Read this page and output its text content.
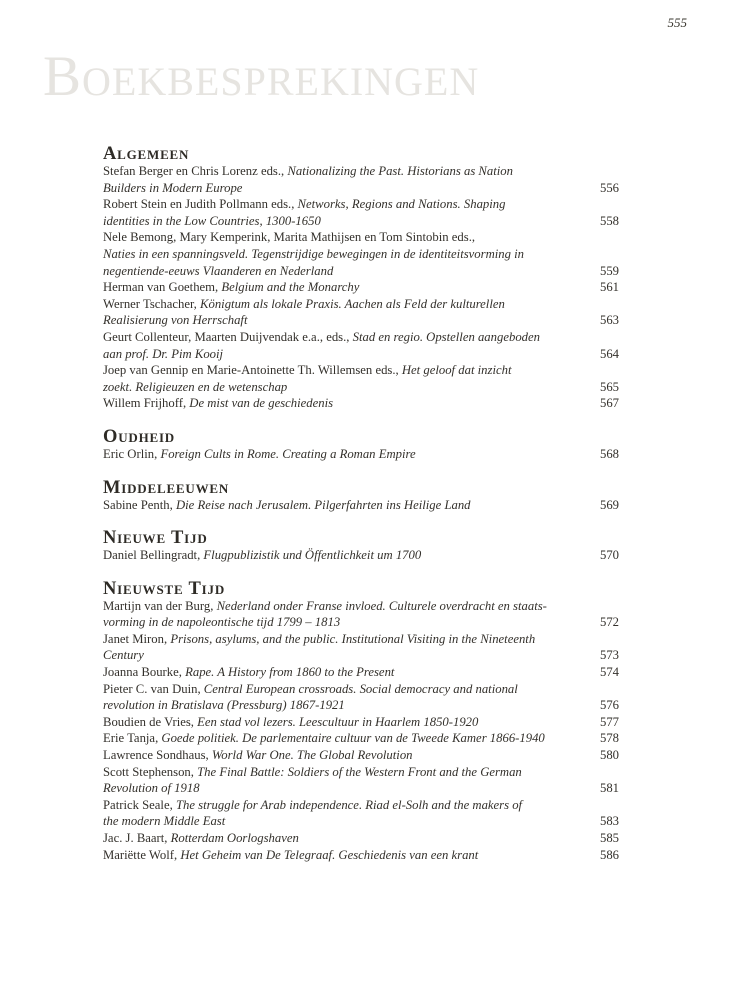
555
Boekbesprekingen
Algemeen
Stefan Berger en Chris Lorenz eds., Nationalizing the Past. Historians as Nation
Builders in Modern Europe	556
Robert Stein en Judith Pollmann eds., Networks, Regions and Nations. Shaping
identities in the Low Countries, 1300-1650	558
Nele Bemong, Mary Kemperink, Marita Mathijsen en Tom Sintobin eds.,
Naties in een spanningsveld. Tegenstrijdige bewegingen in de identiteitsvorming in
negentiende-eeuws Vlaanderen en Nederland	559
Herman van Goethem, Belgium and the Monarchy	561
Werner Tschacher, Königtum als lokale Praxis. Aachen als Feld der kulturellen
Realisierung von Herrschaft	563
Geurt Collenteur, Maarten Duijvendak e.a., eds., Stad en regio. Opstellen aangeboden
aan prof. Dr. Pim Kooij	564
Joep van Gennip en Marie-Antoinette Th. Willemsen eds., Het geloof dat inzicht
zoekt. Religieuzen en de wetenschap	565
Willem Frijhoff, De mist van de geschiedenis	567
Oudheid
Eric Orlin, Foreign Cults in Rome. Creating a Roman Empire	568
Middeleeuwen
Sabine Penth, Die Reise nach Jerusalem. Pilgerfahrten ins Heilige Land	569
Nieuwe Tijd
Daniel Bellingradt, Flugpublizistik und Öffentlichkeit um 1700	570
Nieuwste Tijd
Martijn van der Burg, Nederland onder Franse invloed. Culturele overdracht en staats-
vorming in de napoleontische tijd 1799 – 1813	572
Janet Miron, Prisons, asylums, and the public. Institutional Visiting in the Nineteenth
Century	573
Joanna Bourke, Rape. A History from 1860 to the Present	574
Pieter C. van Duin, Central European crossroads. Social democracy and national
revolution in Bratislava (Pressburg) 1867-1921	576
Boudien de Vries, Een stad vol lezers. Leescultuur in Haarlem 1850-1920	577
Erie Tanja, Goede politiek. De parlementaire cultuur van de Tweede Kamer 1866-1940	578
Lawrence Sondhaus, World War One. The Global Revolution	580
Scott Stephenson, The Final Battle: Soldiers of the Western Front and the German
Revolution of 1918	581
Patrick Seale, The struggle for Arab independence. Riad el-Solh and the makers of
the modern Middle East	583
Jac. J. Baart, Rotterdam Oorlogshaven	585
Mariëtte Wolf, Het Geheim van De Telegraaf. Geschiedenis van een krant	586
